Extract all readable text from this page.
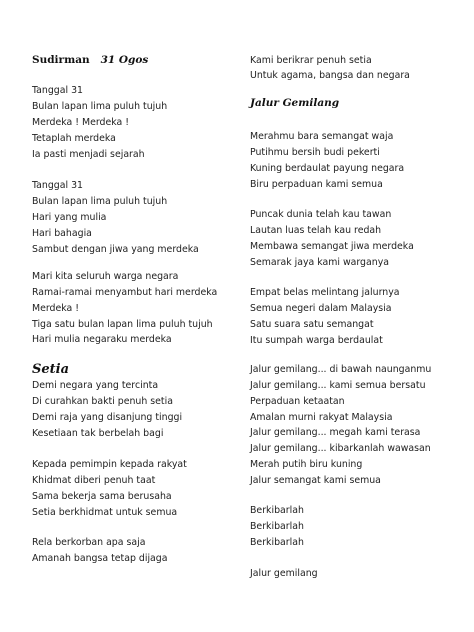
Sudirman 31 Ogos
Tanggal 31
Bulan lapan lima puluh tujuh
Merdeka ! Merdeka !
Tetaplah merdeka
Ia pasti menjadi sejarah
Tanggal 31
Bulan lapan lima puluh tujuh
Hari yang mulia
Hari bahagia
Sambut dengan jiwa yang merdeka
Mari kita seluruh warga negara
Ramai-ramai menyambut hari merdeka
Merdeka !
Tiga satu bulan lapan lima puluh tujuh
Hari mulia negaraku merdeka
Setia
Demi negara yang tercinta
Di curahkan bakti penuh setia
Demi raja yang disanjung tinggi
Kesetiaan tak berbelah bagi
Kepada pemimpin kepada rakyat
Khidmat diberi penuh taat
Sama bekerja sama berusaha
Setia berkhidmat untuk semua
Rela berkorban apa saja
Amanah bangsa tetap dijaga
Kami berikrar penuh setia
Untuk agama, bangsa dan negara
Jalur Gemilang
Merahmu bara semangat waja
Putihmu bersih budi pekerti
Kuning berdaulat payung negara
Biru perpaduan kami semua
Puncak dunia telah kau tawan
Lautan luas telah kau redah
Membawa semangat jiwa merdeka
Semarak jaya kami warganya
Empat belas melintang jalurnya
Semua negeri dalam Malaysia
Satu suara satu semangat
Itu sumpah warga berdaulat
Jalur gemilang... di bawah naunganmu
Jalur gemilang... kami semua bersatu
Perpaduan ketaatan
Amalan murni rakyat Malaysia
Jalur gemilang... megah kami terasa
Jalur gemilang... kibarkanlah wawasan
Merah putih biru kuning
Jalur semangat kami semua
Berkibarlah
Berkibarlah
Berkibarlah
Jalur gemilang
